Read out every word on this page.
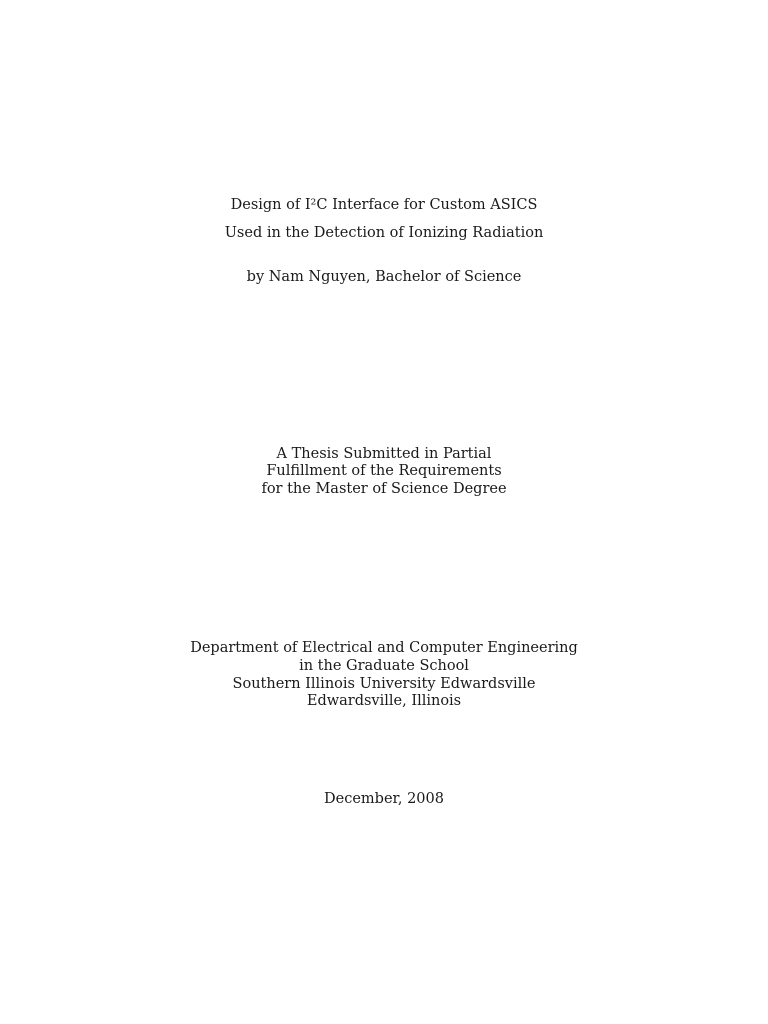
Design of I²C Interface for Custom ASICS
Used in the Detection of Ionizing Radiation
by Nam Nguyen, Bachelor of Science
A Thesis Submitted in Partial
Fulfillment of the Requirements
for the Master of Science Degree
Department of Electrical and Computer Engineering
in the Graduate School
Southern Illinois University Edwardsville
Edwardsville, Illinois
December, 2008
